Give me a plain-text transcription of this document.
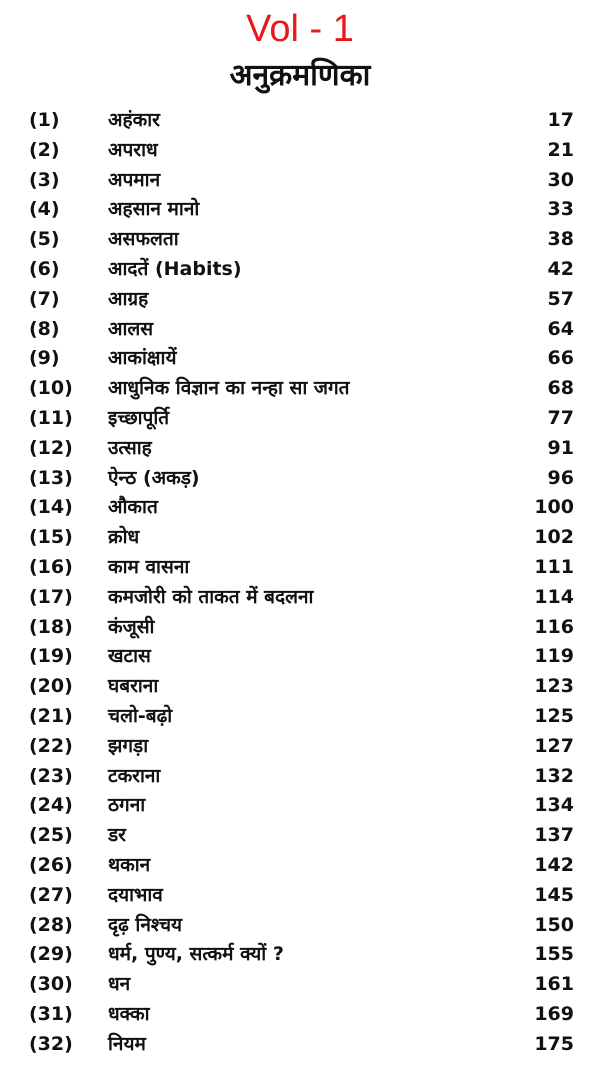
Vol - 1
अनुक्रमणिका
(1)	अहंकार	17
(2)	अपराध	21
(3)	अपमान	30
(4)	अहसान मानो	33
(5)	असफलता	38
(6)	आदतें (Habits)	42
(7)	आग्रह	57
(8)	आलस	64
(9)	आकांक्षायें	66
(10) आधुनिक विज्ञान का नन्हा सा जगत	68
(11) इच्छापूर्ति	77
(12) उत्साह	91
(13) ऐन्ठ (अकड़)	96
(14) औकात	100
(15) क्रोध	102
(16) काम वासना	111
(17) कमजोरी को ताकत में बदलना	114
(18) कंजूसी	116
(19) खटास	119
(20) घबराना	123
(21) चलो-बढ़ो	125
(22) झगड़ा	127
(23) टकराना	132
(24) ठगना	134
(25) डर	137
(26) थकान	142
(27) दयाभाव	145
(28) दृढ़ निश्चय	150
(29) धर्म, पुण्य, सत्कर्म क्यों ?	155
(30) धन	161
(31) धक्का	169
(32) नियम	175
